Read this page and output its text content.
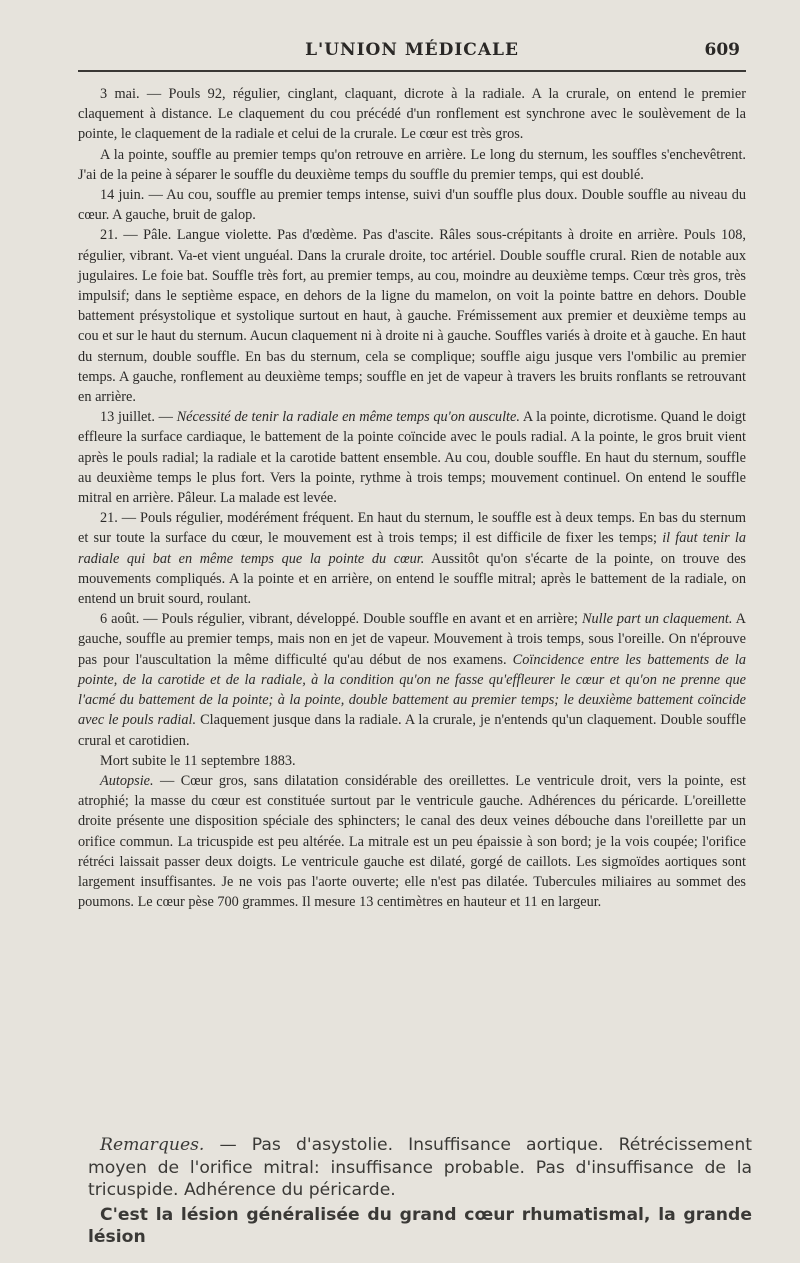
L'UNION MÉDICALE	609

3 mai. — Pouls 92, régulier, cinglant, claquant, dicrote à la radiale. A la crurale, on entend le premier claquement à distance. Le claquement du cou précédé d'un ronflement est synchrone avec le soulèvement de la pointe, le claquement de la radiale et celui de la crurale. Le cœur est très gros.

A la pointe, souffle au premier temps qu'on retrouve en arrière. Le long du sternum, les souffles s'enchevêtrent. J'ai de la peine à séparer le souffle du deuxième temps du souffle du premier temps, qui est doublé.

14 juin. — Au cou, souffle au premier temps intense, suivi d'un souffle plus doux. Double souffle au niveau du cœur. A gauche, bruit de galop.

21. — Pâle. Langue violette. Pas d'œdème. Pas d'ascite. Râles sous-crépitants à droite en arrière. Pouls 108, régulier, vibrant. Va-et vient unguéal. Dans la crurale droite, toc artériel. Double souffle crural. Rien de notable aux jugulaires. Le foie bat. Souffle très fort, au premier temps, au cou, moindre au deuxième temps. Cœur très gros, très impulsif; dans le septième espace, en dehors de la ligne du mamelon, on voit la pointe battre en dehors. Double battement présystolique et systolique surtout en haut, à gauche. Frémissement aux premier et deuxième temps au cou et sur le haut du sternum. Aucun claquement ni à droite ni à gauche. Souffles variés à droite et à gauche. En haut du sternum, double souffle. En bas du sternum, cela se complique; souffle aigu jusque vers l'ombilic au premier temps. A gauche, ronflement au deuxième temps; souffle en jet de vapeur à travers les bruits ronflants se retrouvant en arrière.

13 juillet. — Nécessité de tenir la radiale en même temps qu'on ausculte. A la pointe, dicrotisme. Quand le doigt effleure la surface cardiaque, le battement de la pointe coïncide avec le pouls radial. A la pointe, le gros bruit vient après le pouls radial; la radiale et la carotide battent ensemble. Au cou, double souffle. En haut du sternum, souffle au deuxième temps le plus fort. Vers la pointe, rythme à trois temps; mouvement continuel. On entend le souffle mitral en arrière. Pâleur. La malade est levée.

21. — Pouls régulier, modérément fréquent. En haut du sternum, le souffle est à deux temps. En bas du sternum et sur toute la surface du cœur, le mouvement est à trois temps; il est difficile de fixer les temps; il faut tenir la radiale qui bat en même temps que la pointe du cœur. Aussitôt qu'on s'écarte de la pointe, on trouve des mouvements compliqués. A la pointe et en arrière, on entend le souffle mitral; après le battement de la radiale, on entend un bruit sourd, roulant.

6 août. — Pouls régulier, vibrant, développé. Double souffle en avant et en arrière; Nulle part un claquement. A gauche, souffle au premier temps, mais non en jet de vapeur. Mouvement à trois temps, sous l'oreille. On n'éprouve pas pour l'auscultation la même difficulté qu'au début de nos examens. Coïncidence entre les battements de la pointe, de la carotide et de la radiale, à la condition qu'on ne fasse qu'effleurer le cœur et qu'on ne prenne que l'acmé du battement de la pointe; à la pointe, double battement au premier temps; le deuxième battement coïncide avec le pouls radial. Claquement jusque dans la radiale. A la crurale, je n'entends qu'un claquement. Double souffle crural et carotidien.

Mort subite le 11 septembre 1883.

Autopsie. — Cœur gros, sans dilatation considérable des oreillettes. Le ventricule droit, vers la pointe, est atrophié; la masse du cœur est constituée surtout par le ventricule gauche. Adhérences du péricarde. L'oreillette droite présente une disposition spéciale des sphincters; le canal des deux veines débouche dans l'oreillette par un orifice commun. La tricuspide est peu altérée. La mitrale est un peu épaissie à son bord; je la vois coupée; l'orifice rétréci laissait passer deux doigts. Le ventricule gauche est dilaté, gorgé de caillots. Les sigmoïdes aortiques sont largement insuffisantes. Je ne vois pas l'aorte ouverte; elle n'est pas dilatée. Tubercules miliaires au sommet des poumons. Le cœur pèse 700 grammes. Il mesure 13 centimètres en hauteur et 11 en largeur.

Remarques. — Pas d'asystolie. Insuffisance aortique. Rétrécissement moyen de l'orifice mitral: insuffisance probable. Pas d'insuffisance de la tricuspide. Adhérence du péricarde.
C'est la lésion généralisée du grand cœur rhumatismal, la grande lésion
